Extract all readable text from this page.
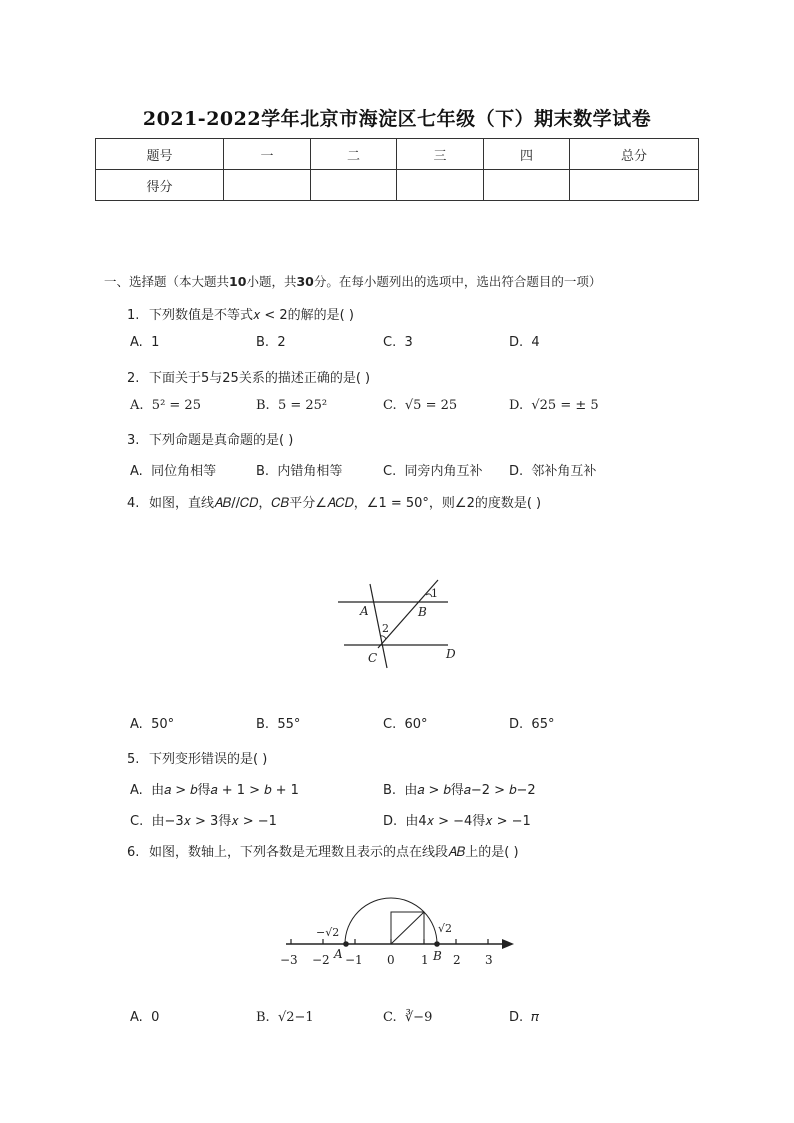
2021-2022学年北京市海淀区七年级（下）期末数学试卷
题号	一	二	三	四	总分
得分					
一、选择题（本大题共10小题，共30分。在每小题列出的选项中，选出符合题目的一项）
1. 下列数值是不等式𝑥 < 2的解的是( )
A. 1	B. 2	C. 3	D. 4
2. 下面关于5与25关系的描述正确的是( )
A. 5² = 25	B. 5 = 25²	C. √5 = 25	D. √25 = ± 5
3. 下列命题是真命题的是( )
A. 同位角相等	B. 内错角相等	C. 同旁内角互补 D. 邻补角互补
4. 如图，直线𝐴𝐵//𝐶𝐷，𝐶𝐵平分∠𝐴𝐶𝐷，∠1 = 50°，则∠2的度数是( )
A	B
C	D
1
2
A. 50°	B. 55°	C. 60°	D. 65°
5. 下列变形错误的是( )
A. 由𝑎 > 𝑏得𝑎 + 1 > 𝑏 + 1	B. 由𝑎 > 𝑏得𝑎−2 > 𝑏−2
C. 由−3𝑥 > 3得𝑥 > −1	D. 由4𝑥 > −4得𝑥 > −1
6. 如图，数轴上，下列各数是无理数且表示的点在线段𝐴𝐵上的是( )
−3 −2 −1 0 1 2 3
A	B
−√2	√2
A. 0	B. √2−1	C. ∛−9	D. 𝜋
